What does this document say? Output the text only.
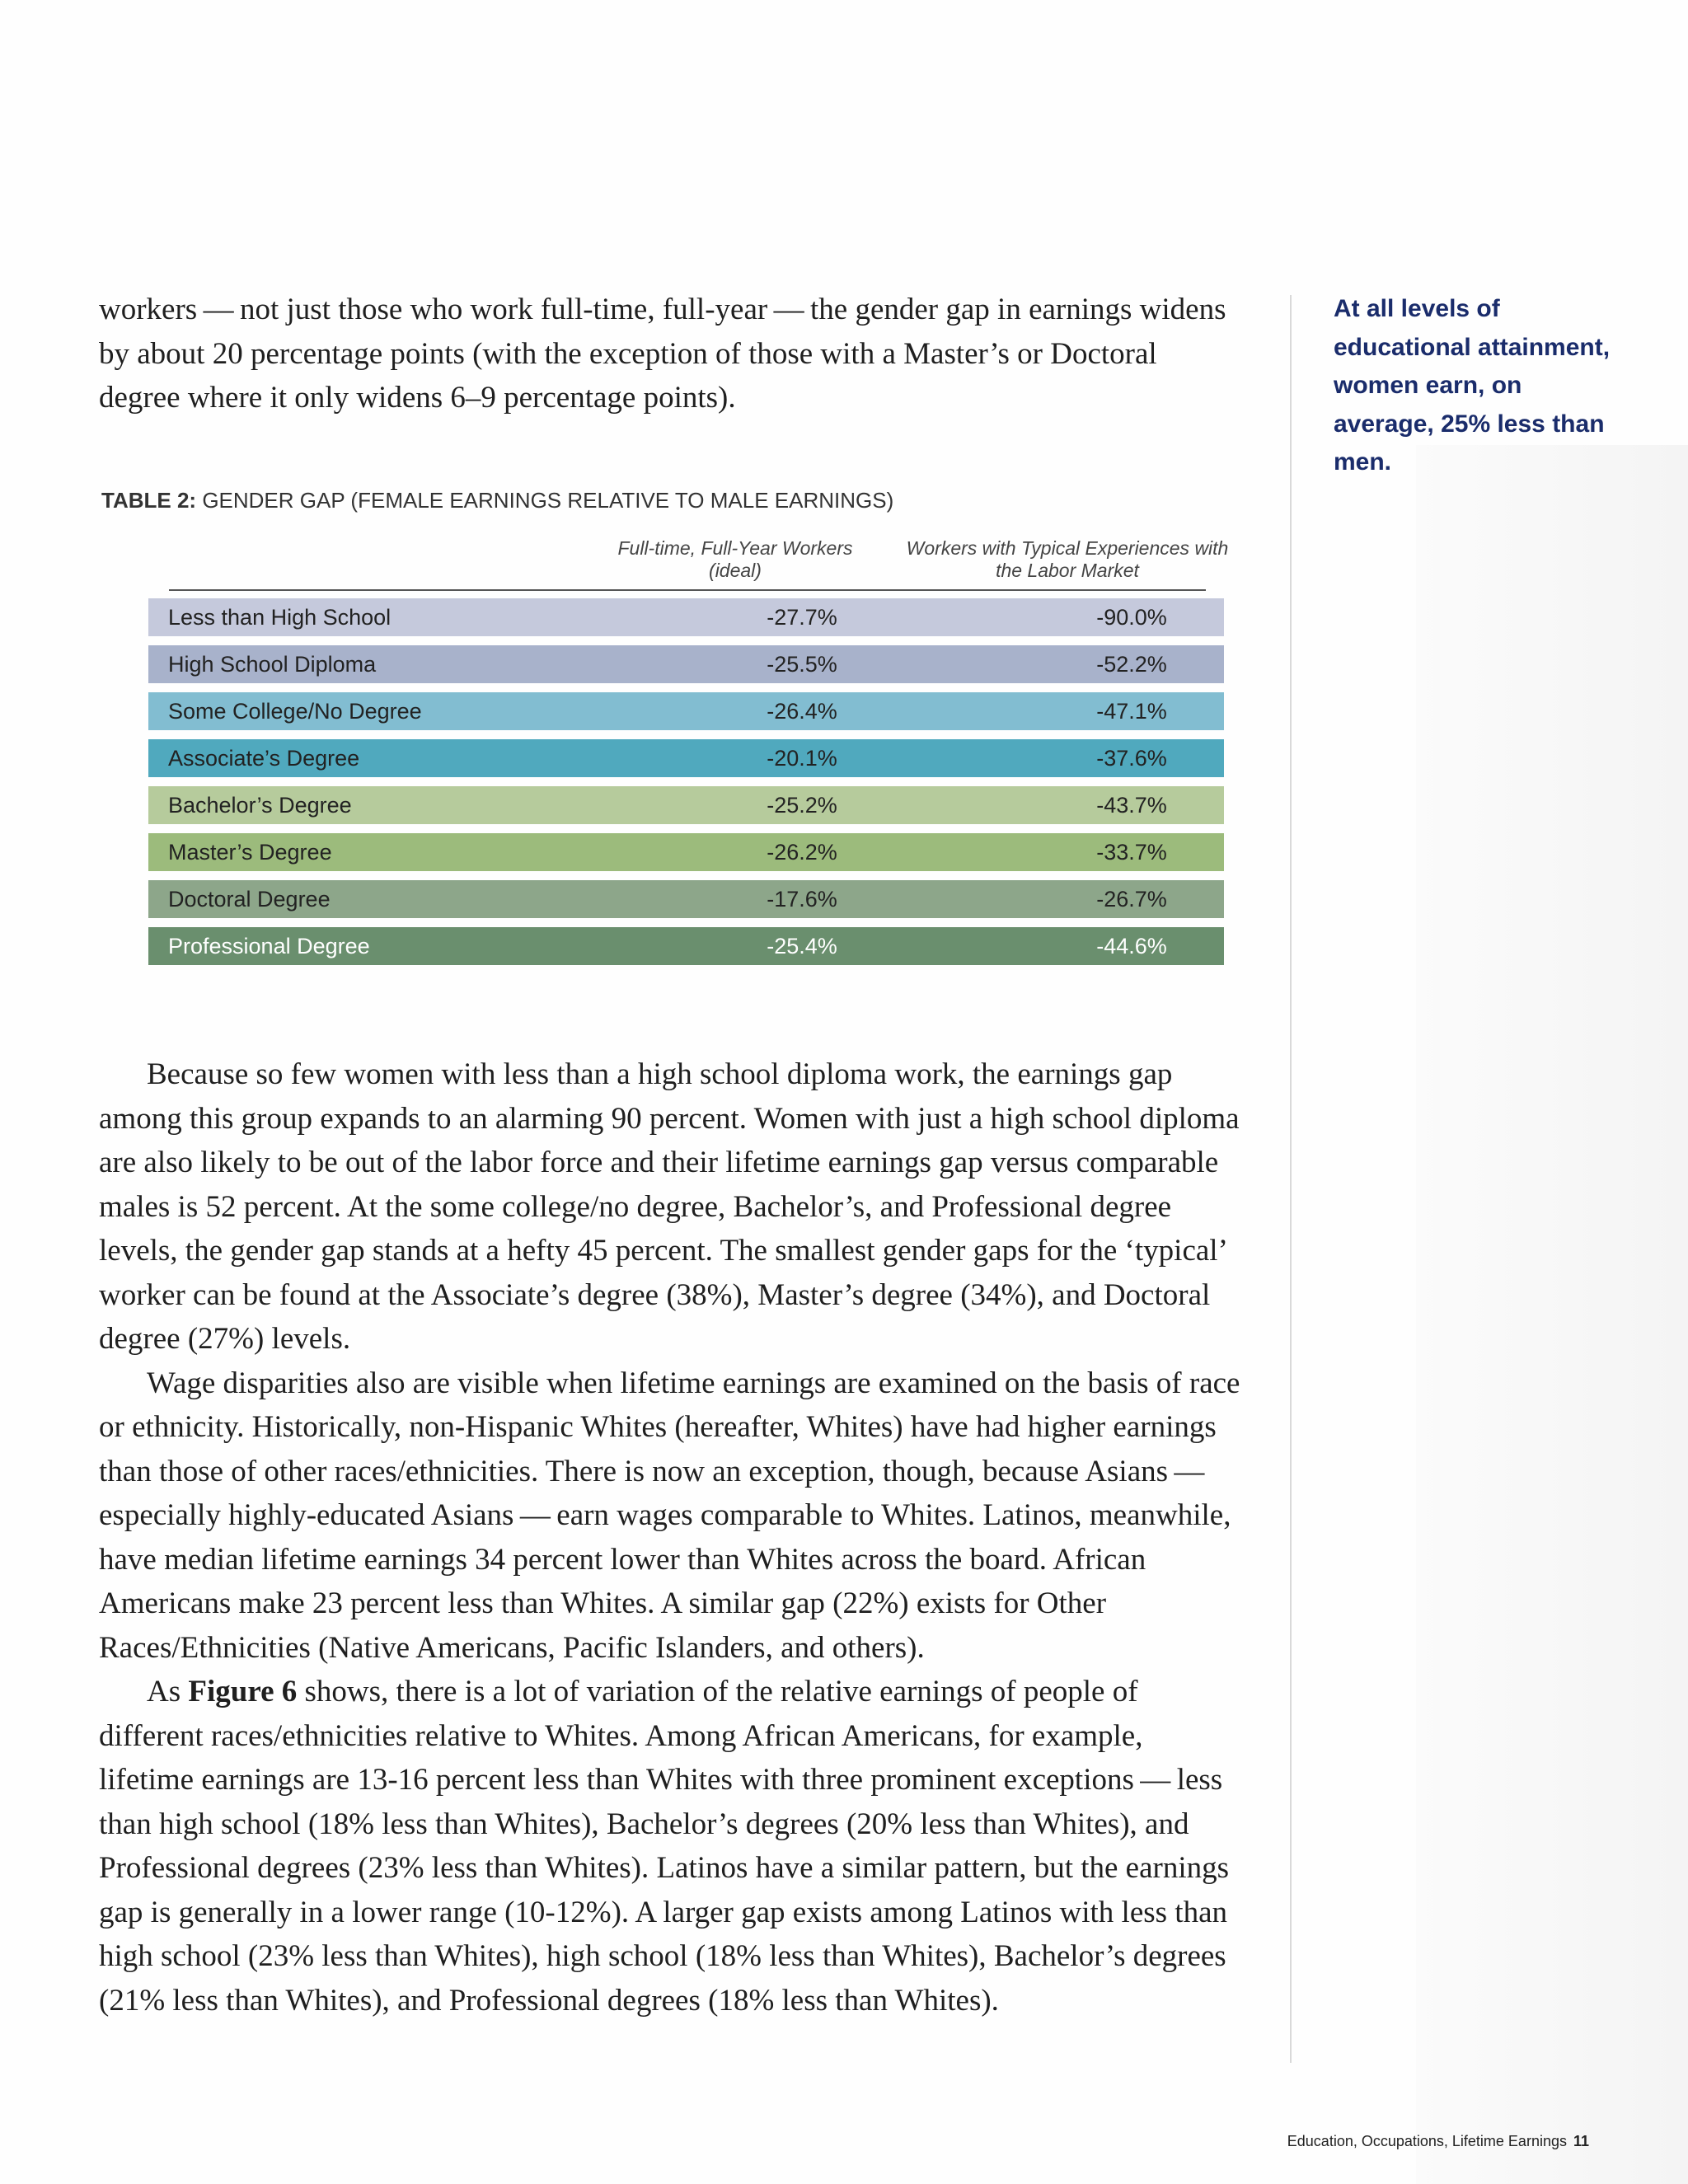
workers — not just those who work full-time, full-year — the gender gap in earnings widens by about 20 percentage points (with the exception of those with a Master’s or Doctoral degree where it only widens 6–9 percentage points).

At all levels of educational attainment, women earn, on average, 25% less than men.
TABLE 2: GENDER GAP (FEMALE EARNINGS RELATIVE TO MALE EARNINGS)
Full-time, Full-Year Workers (ideal)
Workers with Typical Experiences with the Labor Market
Less than High School	-27.7%	-90.0%
High School Diploma	-25.5%	-52.2%
Some College/No Degree	-26.4%	-47.1%
Associate’s Degree	-20.1%	-37.6%
Bachelor’s Degree	-25.2%	-43.7%
Master’s Degree	-26.2%	-33.7%
Doctoral Degree	-17.6%	-26.7%
Professional Degree	-25.4%	-44.6%

Because so few women with less than a high school diploma work, the earnings gap among this group expands to an alarming 90 percent. Women with just a high school diploma are also likely to be out of the labor force and their lifetime earnings gap versus comparable males is 52 percent. At the some college/no degree, Bachelor’s, and Professional degree levels, the gender gap stands at a hefty 45 percent. The smallest gender gaps for the ‘typical’ worker can be found at the Associate’s degree (38%), Master’s degree (34%), and Doctoral degree (27%) levels.

Wage disparities also are visible when lifetime earnings are examined on the basis of race or ethnicity. Historically, non-Hispanic Whites (hereafter, Whites) have had higher earnings than those of other races/ethnicities. There is now an exception, though, because Asians — especially highly-educated Asians — earn wages comparable to Whites. Latinos, meanwhile, have median lifetime earnings 34 percent lower than Whites across the board. African Americans make 23 percent less than Whites. A similar gap (22%) exists for Other Races/Ethnicities (Native Americans, Pacific Islanders, and others).

As Figure 6 shows, there is a lot of variation of the relative earnings of people of different races/ethnicities relative to Whites. Among African Americans, for example, lifetime earnings are 13-16 percent less than Whites with three prominent exceptions — less than high school (18% less than Whites), Bachelor’s degrees (20% less than Whites), and Professional degrees (23% less than Whites). Latinos have a similar pattern, but the earnings gap is generally in a lower range (10-12%). A larger gap exists among Latinos with less than high school (23% less than Whites), high school (18% less than Whites), Bachelor’s degrees (21% less than Whites), and Professional degrees (18% less than Whites).

Education, Occupations, Lifetime Earnings 11
